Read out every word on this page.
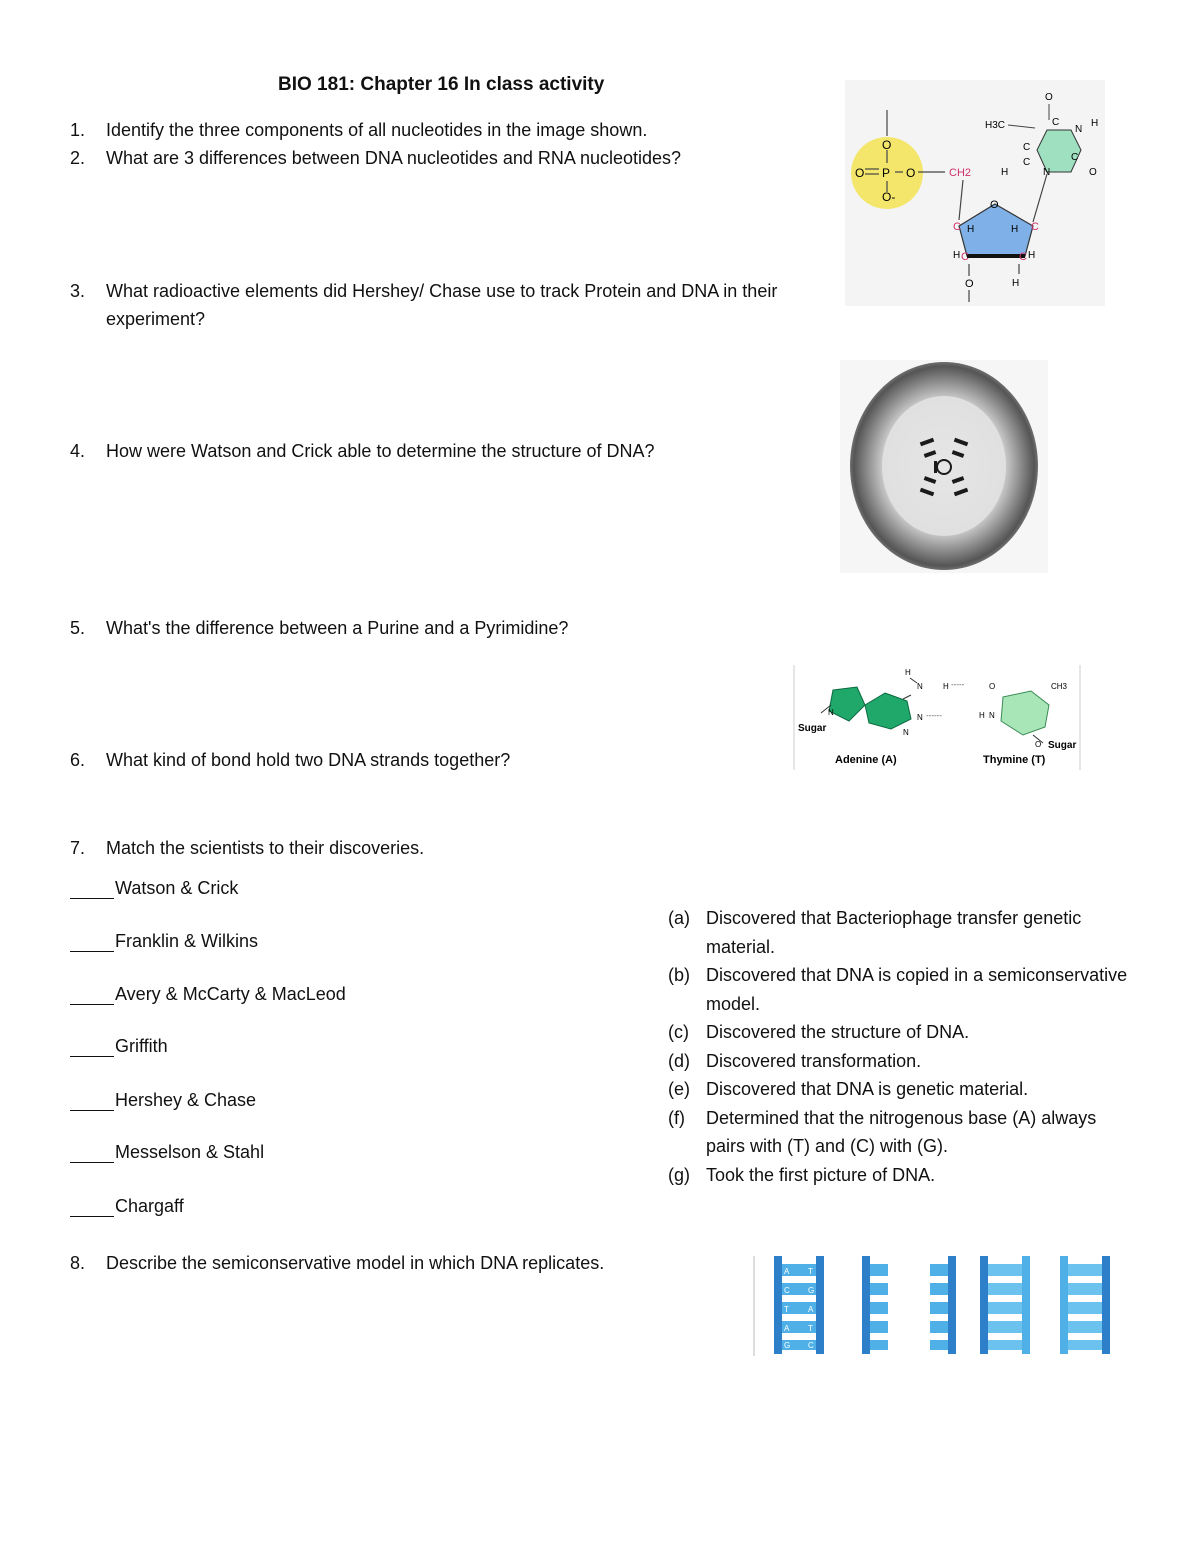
BIO 181: Chapter 16 In class activity
1.	Identify the three components of all nucleotides in the image shown.
2.	What are 3 differences between DNA nucleotides and RNA nucleotides?
3.	What radioactive elements did Hershey/ Chase use to track Protein and DNA in their experiment?
4.	How were Watson and Crick able to determine the structure of DNA?
5.	What's the difference between a Purine and a Pyrimidine?
6.	What kind of bond hold two DNA strands together?
7.	Match the scientists to their discoveries.
Watson & Crick
Franklin & Wilkins
Avery & McCarty & MacLeod
Griffith
Hershey & Chase
Messelson & Stahl
Chargaff
8.	Describe the semiconservative model in which DNA replicates.
(a) Discovered that Bacteriophage transfer genetic material.
(b) Discovered that DNA is copied in a semiconservative model.
(c) Discovered the structure of DNA.
(d) Discovered transformation.
(e) Discovered that DNA is genetic material.
(f) Determined that the nitrogenous base (A) always pairs with (T) and (C) with (G).
(g) Took the first picture of DNA.
O
O P O
O-
CH2
O
C	C
C	C
H	H
H	H
O	H
H3C
C
C
N
H
H
C	C
N
O
O
Sugar
N
H
N	H -----	O	CH3
N ------	H N
N
O Sugar
Adenine (A)	Thymine (T)
A T
C G
T A
A T
G C
